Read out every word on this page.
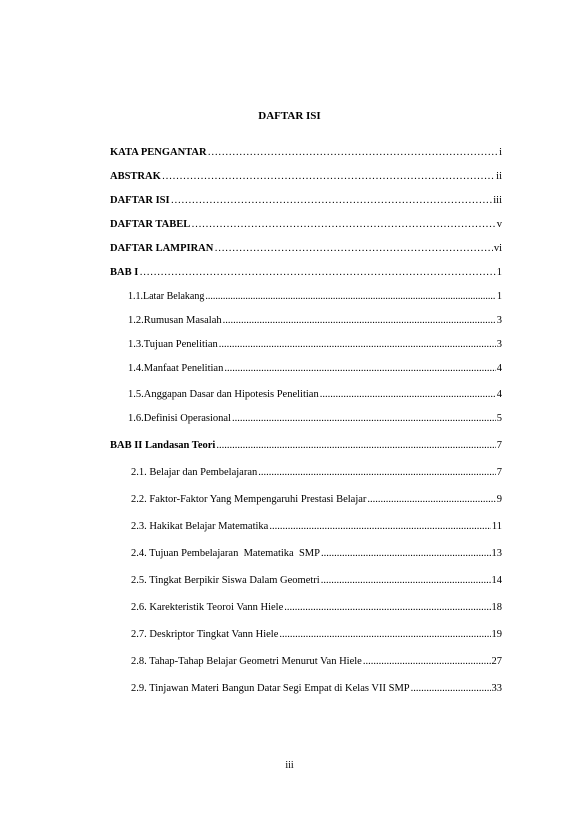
DAFTAR ISI
KATA PENGANTAR …………………………………………………………………………………………………………………………………………………	i
ABSTRAK …………………………………………………………………………………………………………………………………………………	ii
DAFTAR ISI …………………………………………………………………………………………………………………………………………………	iii
DAFTAR TABEL …………………………………………………………………………………………………………………………………………………	v
DAFTAR LAMPIRAN …………………………………………………………………………………………………………………………………………………	vi
BAB I …………………………………………………………………………………………………………………………………………………	1
1.1.Latar Belakang .....	1
1.2.Rumusan Masalah .....	3
1.3.Tujuan Penelitian .....	3
1.4.Manfaat Penelitian .....	4
1.5.Anggapan Dasar dan Hipotesis Penelitian .....	4
1.6.Definisi Operasional .....	5
BAB II Landasan Teori .....	7
2.1. Belajar dan Pembelajaran .....	7
2.2. Faktor-Faktor Yang Mempengaruhi Prestasi Belajar .....	9
2.3. Hakikat Belajar Matematika .....	11
2.4. Tujuan Pembelajaran  Matematika  SMP .....	13
2.5. Tingkat Berpikir Siswa Dalam Geometri .....	14
2.6. Karekteristik Teoroi Vann Hiele .....	18
2.7. Deskriptor Tingkat Vann Hiele .....	19
2.8. Tahap-Tahap Belajar Geometri Menurut Van Hiele .....	27
2.9. Tinjawan Materi Bangun Datar Segi Empat di Kelas VII SMP .....	33

iii
